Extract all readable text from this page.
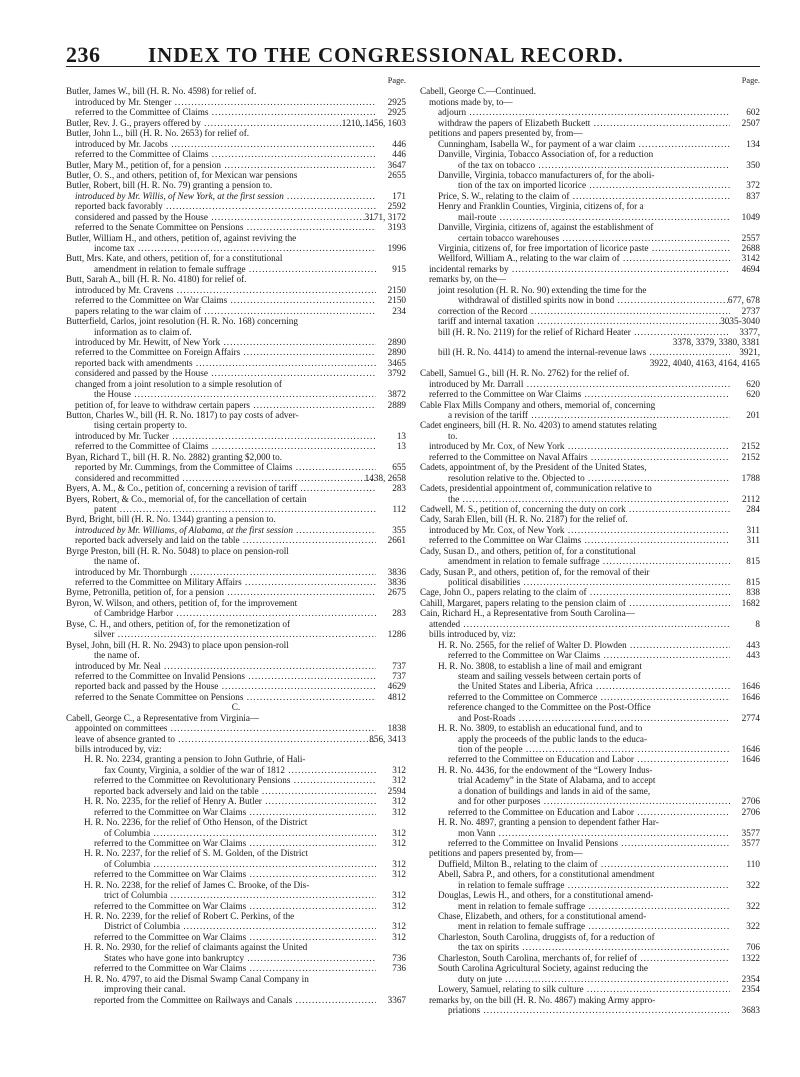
236 INDEX TO THE CONGRESSIONAL RECORD.
Page.
Butler, James W., bill (H. R. No. 4598) for relief of.
introduced by Mr. Stenger .....	2925
referred to the Committee of Claims .....	2925
Butler, Rev. J. G., prayers offered by .....	1210, 1456, 1603
Butler, John L., bill (H. R. No. 2653) for relief of.
introduced by Mr. Jacobs .....	446
referred to the Committee of Claims .....	446
Butler, Mary M., petition of, for a pension .....	3647
Butler, O. S., and others, petition of, for Mexican war pensions	2655
Butler, Robert, bill (H. R. No. 79) granting a pension to.
introduced by Mr. Willis, of New York, at the first session .....	171
reported back favorably .....	2592
considered and passed by the House .....	3171, 3172
referred to the Senate Committee on Pensions .....	3193
Butler, William H., and others, petition of, against reviving the
income tax .....	1996
Butt, Mrs. Kate, and others, petition of, for a constitutional
amendment in relation to female suffrage .....	915
Butt, Sarah A., bill (H. R. No. 4180) for relief of.
introduced by Mr. Cravens .....	2150
referred to the Committee on War Claims .....	2150
papers relating to the war claim of .....	234
Butterfield, Carlos, joint resolution (H. R. No. 168) concerning
information as to claim of.
introduced by Mr. Hewitt, of New York .....	2890
referred to the Committee on Foreign Affairs .....	2890
reported back with amendments .....	3465
considered and passed by the House .....	3792
changed from a joint resolution to a simple resolution of
the House .....	3872
petition of, for leave to withdraw certain papers .....	2889
Button, Charles W., bill (H. R. No. 1817) to pay costs of adver-
tising certain property to.
introduced by Mr. Tucker .....	13
referred to the Committee of Claims .....	13
Byan, Richard T., bill (H. R. No. 2882) granting $2,000 to.
reported by Mr. Cummings, from the Committee of Claims .....	655
considered and recommitted .....	1438, 2658
Byers, A. M., & Co., petition of, concerning a revision of tariff .....	283
Byers, Robert, & Co., memorial of, for the cancellation of certain
patent .....	112
Byrd, Bright, bill (H. R. No. 1344) granting a pension to.
introduced by Mr. Williams, of Alabama, at the first session .....	355
reported back adversely and laid on the table .....	2661
Byrge Preston, bill (H. R. No. 5048) to place on pension-roll
the name of.
introduced by Mr. Thornburgh .....	3836
referred to the Committee on Military Affairs .....	3836
Byrne, Petronilla, petition of, for a pension .....	2675
Byron, W. Wilson, and others, petition of, for the improvement
of Cambridge Harbor .....	283
Byse, C. H., and others, petition of, for the remonetization of
silver .....	1286
Bysel, John, bill (H. R. No. 2943) to place upon pension-roll
the name of.
introduced by Mr. Neal .....	737
referred to the Committee on Invalid Pensions .....	737
reported back and passed by the House .....	4629
referred to the Senate Committee on Pensions .....	4812
C.
Cabell, George C., a Representative from Virginia—
appointed on committees .....	1838
leave of absence granted to .....	856, 3413
bills introduced by, viz:
H. R. No. 2234, granting a pension to John Guthrie, of Hali-
fax County, Virginia, a soldier of the war of 1812 .....	312
referred to the Committee on Revolutionary Pensions .....	312
reported back adversely and laid on the table .....	2594
H. R. No. 2235, for the relief of Henry A. Butler .....	312
referred to the Committee on War Claims .....	312
H. R. No. 2236, for the relief of Otho Henson, of the District
of Columbia .....	312
referred to the Committee on War Claims .....	312
H. R. No. 2237, for the relief of S. M. Golden, of the District
of Columbia .....	312
referred to the Committee on War Claims .....	312
H. R. No. 2238, for the relief of James C. Brooke, of the Dis-
trict of Columbia .....	312
referred to the Committee on War Claims .....	312
H. R. No. 2239, for the relief of Robert C. Perkins, of the
District of Columbia .....	312
referred to the Committee on War Claims .....	312
H. R. No. 2930, for the relief of claimants against the United
States who have gone into bankruptcy .....	736
referred to the Committee on War Claims .....	736
H. R. No. 4797, to aid the Dismal Swamp Canal Company in
improving their canal.
reported from the Committee on Railways and Canals .....	3367
Page.
Cabell, George C.—Continued.
motions made by, to—
adjourn .....	602
withdraw the papers of Elizabeth Buckett .....	2507
petitions and papers presented by, from—
Cunningham, Isabella W., for payment of a war claim .....	134
Danville, Virginia, Tobacco Association of, for a reduction
of the tax on tobacco .....	350
Danville, Virginia, tobacco manufacturers of, for the aboli-
tion of the tax on imported licorice .....	372
Price, S. W., relating to the claim of .....	837
Henry and Franklin Counties, Virginia, citizens of, for a
mail-route .....	1049
Danville, Virginia, citizens of, against the establishment of
certain tobacco warehouses .....	2557
Virginia, citizens of, for free importation of licorice paste .....	2688
Wellford, William A., relating to the war claim of .....	3142
incidental remarks by .....	4694
remarks by, on the—
joint resolution (H. R. No. 90) extending the time for the
withdrawal of distilled spirits now in bond .....	677, 678
correction of the Record .....	2737
tariff and internal taxation .....	3035-3040
bill (H. R. No. 2119) for the relief of Richard Heater .....	3377,
3378, 3379, 3380, 3381
bill (H. R. No. 4414) to amend the internal-revenue laws .....	3921,
3922, 4040, 4163, 4164, 4165
Cabell, Samuel G., bill (H. R. No. 2762) for the relief of.
introduced by Mr. Darrall .....	620
referred to the Committee on War Claims .....	620
Cable Flax Mills Company and others, memorial of, concerning
a revision of the tariff .....	201
Cadet engineers, bill (H. R. No. 4203) to amend statutes relating
to.
introduced by Mr. Cox, of New York .....	2152
referred to the Committee on Naval Affairs .....	2152
Cadets, appointment of, by the President of the United States,
resolution relative to the. Objected to .....	1788
Cadets, presidential appointment of, communication relative to
the .....	2112
Cadwell, M. S., petition of, concerning the duty on cork .....	284
Cady, Sarah Ellen, bill (H. R. No. 2187) for the relief of.
introduced by Mr. Cox, of New York .....	311
referred to the Committee on War Claims .....	311
Cady, Susan D., and others, petition of, for a constitutional
amendment in relation to female suffrage .....	815
Cady, Susan P., and others, petition of, for the removal of their
political disabilities .....	815
Cage, John O., papers relating to the claim of .....	838
Cahill, Margaret, papers relating to the pension claim of .....	1682
Cain, Richard H., a Representative from South Carolina—
attended .....	8
bills introduced by, viz:
H. R. No. 2565, for the relief of Walter D. Plowden .....	443
referred to the Committee on War Claims .....	443
H. R. No. 3808, to establish a line of mail and emigrant
steam and sailing vessels between certain ports of
the United States and Liberia, Africa .....	1646
referred to the Committee on Commerce .....	1646
reference changed to the Committee on the Post-Office
and Post-Roads .....	2774
H. R. No. 3809, to establish an educational fund, and to
apply the proceeds of the public lands to the educa-
tion of the people .....	1646
referred to the Committee on Education and Labor .....	1646
H. R. No. 4436, for the endowment of the “Lowery Indus-
trial Academy” in the State of Alabama, and to accept
a donation of buildings and lands in aid of the same,
and for other purposes .....	2706
referred to the Committee on Education and Labor .....	2706
H. R. No. 4897, granting a pension to dependent father Har-
mon Vann .....	3577
referred to the Committee on Invalid Pensions .....	3577
petitions and papers presented by, from—
Duffield, Milton B., relating to the claim of .....	110
Abell, Sabra P., and others, for a constitutional amendment
in relation to female suffrage .....	322
Douglas, Lewis H., and others, for a constitutional amend-
ment in relation to female suffrage .....	322
Chase, Elizabeth, and others, for a constitutional amend-
ment in relation to female suffrage .....	322
Charleston, South Carolina, druggists of, for a reduction of
the tax on spirits .....	706
Charleston, South Carolina, merchants of, for relief of .....	1322
South Carolina Agricultural Society, against reducing the
duty on jute .....	2354
Lowery, Samuel, relating to silk culture .....	2354
remarks by, on the bill (H. R. No. 4867) making Army appro-
priations .....	3683
